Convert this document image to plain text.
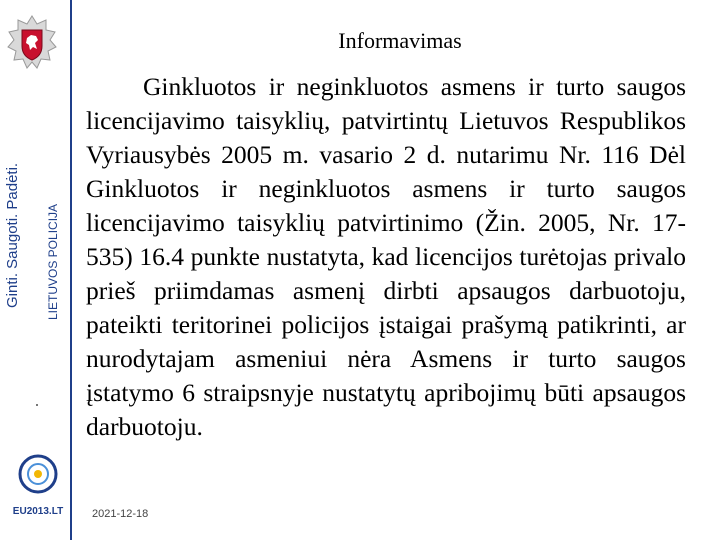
Ginti. Saugoti. Padėti. LIETUVOS POLICIJA
EU2013.LT
Informavimas
Ginkluotos ir neginkluotos asmens ir turto saugos licencijavimo taisyklių, patvirtintų Lietuvos Respublikos Vyriausybės 2005 m. vasario 2 d. nutarimu Nr. 116 Dėl Ginkluotos ir neginkluotos asmens ir turto saugos licencijavimo taisyklių patvirtinimo (Žin. 2005, Nr. 17-535) 16.4 punkte nustatyta, kad licencijos turėtojas privalo prieš priimdamas asmenį dirbti apsaugos darbuotoju, pateikti teritorinei policijos įstaigai prašymą patikrinti, ar nurodytajam asmeniui nėra Asmens ir turto saugos įstatymo 6 straipsnyje nustatytų apribojimų būti apsaugos darbuotoju.
2021-12-18
